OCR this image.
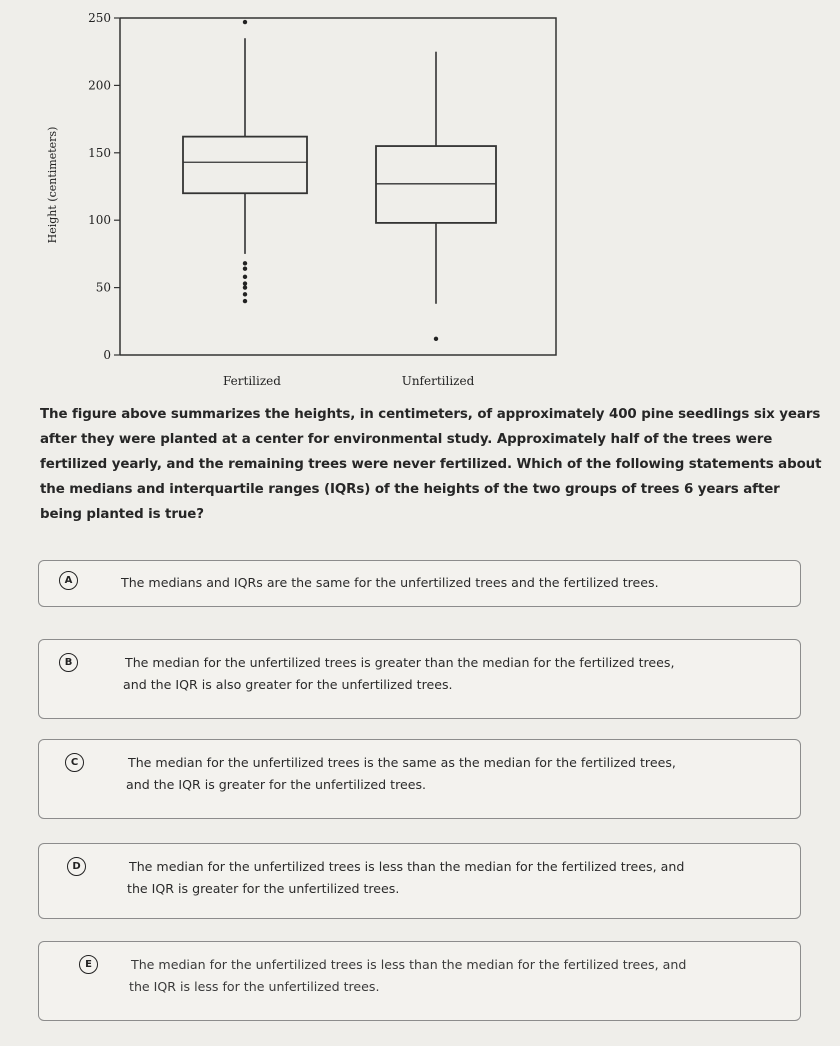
0
50
100
150
200
250
Height (centimeters)
Fertilized	Unfertilized
The figure above summarizes the heights, in centimeters, of approximately 400 pine seedlings six years after they were planted at a center for environmental study. Approximately half of the trees were fertilized yearly, and the remaining trees were never fertilized. Which of the following statements about the medians and interquartile ranges (IQRs) of the heights of the two groups of trees 6 years after being planted is true?
A	The medians and IQRs are the same for the unfertilized trees and the fertilized trees.
B	The median for the unfertilized trees is greater than the median for the fertilized trees,
and the IQR is also greater for the unfertilized trees.
C	The median for the unfertilized trees is the same as the median for the fertilized trees,
and the IQR is greater for the unfertilized trees.
D	The median for the unfertilized trees is less than the median for the fertilized trees, and
the IQR is greater for the unfertilized trees.
E	The median for the unfertilized trees is less than the median for the fertilized trees, and
the IQR is less for the unfertilized trees.
